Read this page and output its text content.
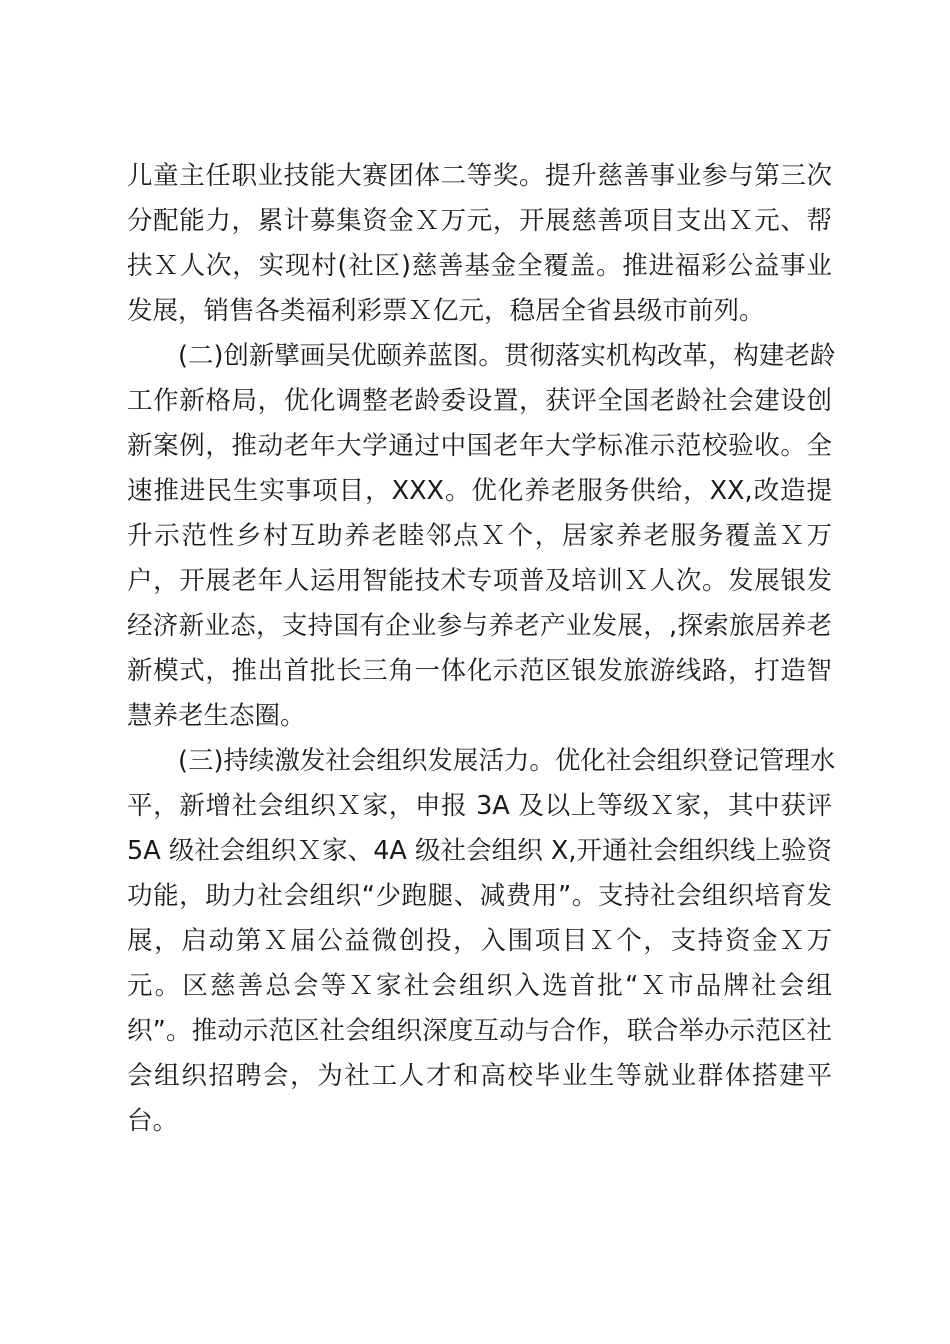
儿童主任职业技能大赛团体二等奖。提升慈善事业参与第三次
分配能力，累计募集资金Ｘ万元，开展慈善项目支出Ｘ元、帮
扶Ｘ人次，实现村(社区)慈善基金全覆盖。推进福彩公益事业
发展，销售各类福利彩票Ｘ亿元，稳居全省县级市前列。
(二)创新擘画吴优颐养蓝图。贯彻落实机构改革，构建老龄
工作新格局，优化调整老龄委设置，获评全国老龄社会建设创
新案例，推动老年大学通过中国老年大学标准示范校验收。全
速推进民生实事项目，XXX。优化养老服务供给，XX,改造提
升示范性乡村互助养老睦邻点Ｘ个，居家养老服务覆盖Ｘ万
户，开展老年人运用智能技术专项普及培训Ｘ人次。发展银发
经济新业态，支持国有企业参与养老产业发展，,探索旅居养老
新模式，推出首批长三角一体化示范区银发旅游线路，打造智
慧养老生态圈。
(三)持续激发社会组织发展活力。优化社会组织登记管理水
平，新增社会组织Ｘ家，申报 3A 及以上等级Ｘ家，其中获评
5A 级社会组织Ｘ家、4A 级社会组织 X,开通社会组织线上验资
功能，助力社会组织“少跑腿、减费用”。支持社会组织培育发
展，启动第Ｘ届公益微创投，入围项目Ｘ个，支持资金Ｘ万
元。区慈善总会等Ｘ家社会组织入选首批“Ｘ市品牌社会组
织”。推动示范区社会组织深度互动与合作，联合举办示范区社
会组织招聘会，为社工人才和高校毕业生等就业群体搭建平
台。
